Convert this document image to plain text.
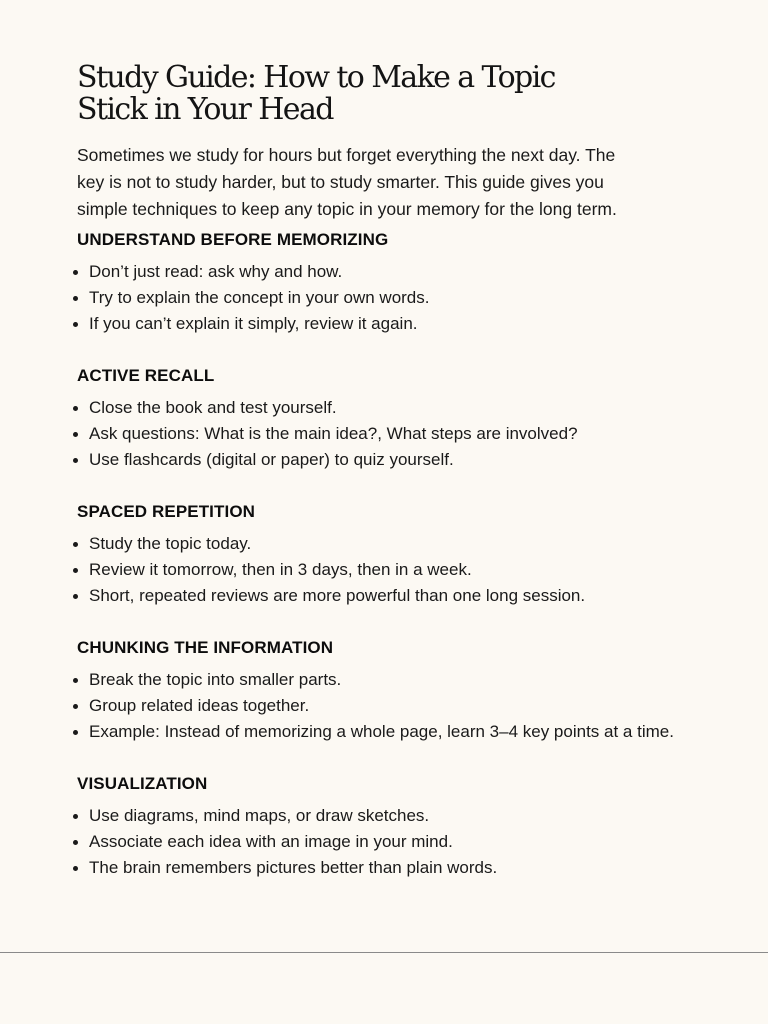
Study Guide: How to Make a Topic
Stick in Your Head

Sometimes we study for hours but forget everything the next day. The
key is not to study harder, but to study smarter. This guide gives you
simple techniques to keep any topic in your memory for the long term.

UNDERSTAND BEFORE MEMORIZING
Don’t just read: ask why and how.
Try to explain the concept in your own words.
If you can’t explain it simply, review it again.
ACTIVE RECALL
Close the book and test yourself.
Ask questions: What is the main idea?, What steps are involved?
Use flashcards (digital or paper) to quiz yourself.
SPACED REPETITION
Study the topic today.
Review it tomorrow, then in 3 days, then in a week.
Short, repeated reviews are more powerful than one long session.
CHUNKING THE INFORMATION
Break the topic into smaller parts.
Group related ideas together.
Example: Instead of memorizing a whole page, learn 3–4 key points at a time.
VISUALIZATION
Use diagrams, mind maps, or draw sketches.
Associate each idea with an image in your mind.
The brain remembers pictures better than plain words.
